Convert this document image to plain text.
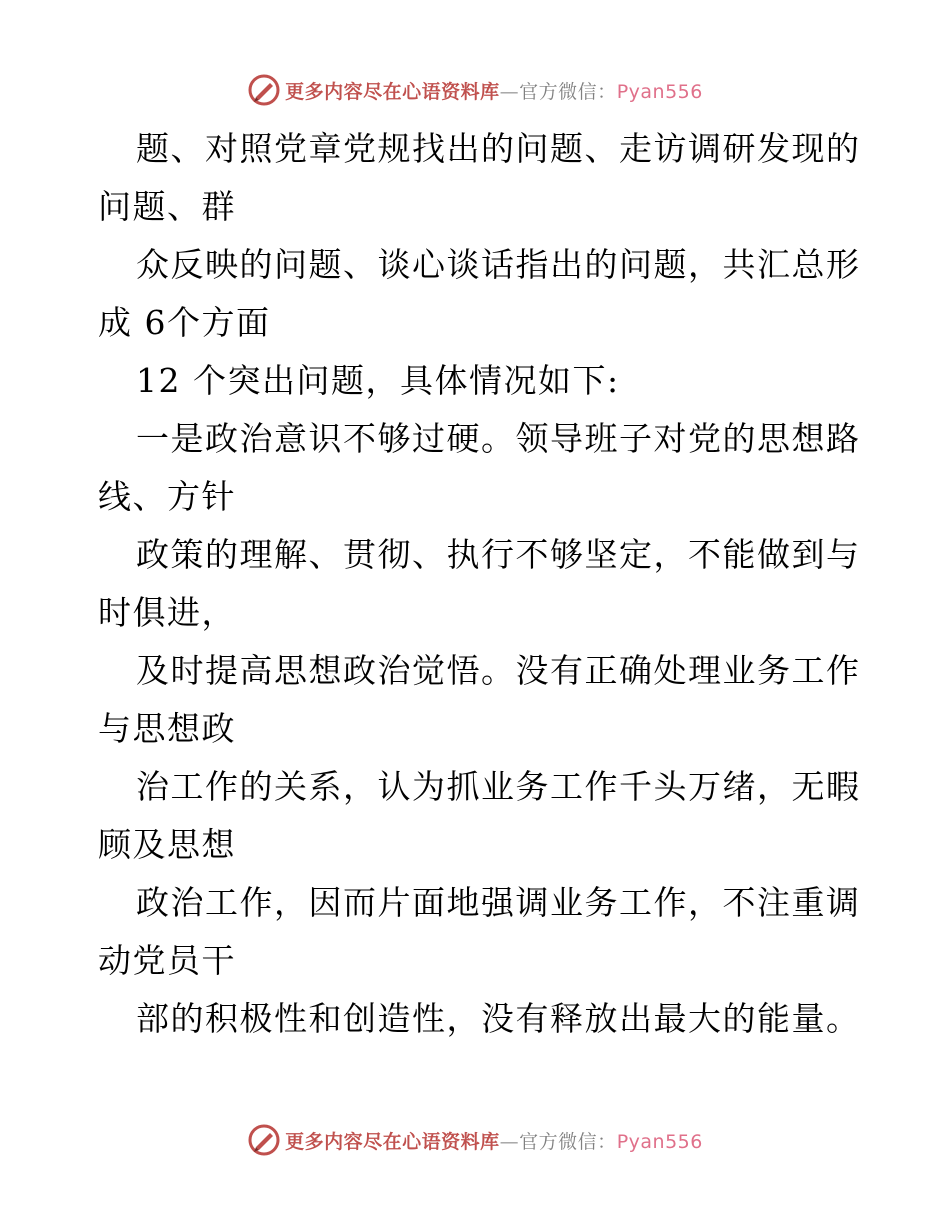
更多内容尽在心语资料库—官方微信：Pyan556
题、对照党章党规找出的问题、走访调研发现的
问题、群
众反映的问题、谈心谈话指出的问题，共汇总形
成 6个方面
12 个突出问题，具体情况如下:
一是政治意识不够过硬。领导班子对党的思想路
线、方针
政策的理解、贯彻、执行不够坚定，不能做到与
时俱进，
及时提高思想政治觉悟。没有正确处理业务工作
与思想政
治工作的关系，认为抓业务工作千头万绪，无暇
顾及思想
政治工作，因而片面地强调业务工作，不注重调
动党员干
部的积极性和创造性，没有释放出最大的能量。
更多内容尽在心语资料库—官方微信：Pyan556
